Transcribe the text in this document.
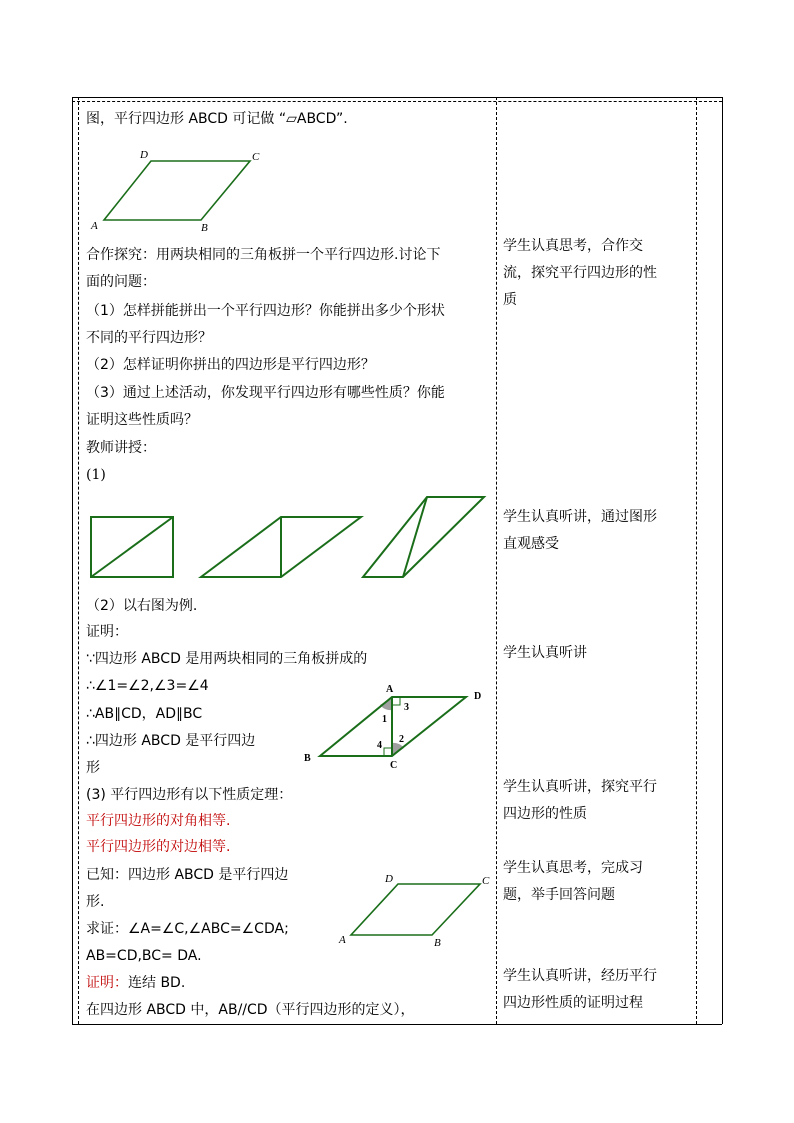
图，平行四边形 ABCD 可记做 “▱ABCD”.
D	C
A	B
合作探究：用两块相同的三角板拼一个平行四边形.讨论下
面的问题：
（1）怎样拼能拼出一个平行四边形？你能拼出多少个形状
不同的平行四边形？
（2）怎样证明你拼出的四边形是平行四边形？
（3）通过上述活动，你发现平行四边形有哪些性质？你能
证明这些性质吗？
教师讲授：
(1)
（2）以右图为例.
证明：
∵四边形 ABCD 是用两块相同的三角板拼成的
∴∠1=∠2,∠3=∠4
∴AB∥CD，AD∥BC
∴四边形 ABCD 是平行四边
形
A
D
B
C
1
3
2
4
(3) 平行四边形有以下性质定理：
平行四边形的对角相等.
平行四边形的对边相等.
已知：四边形 ABCD 是平行四边
形.
求证：∠A=∠C,∠ABC=∠CDA;
AB=CD,BC= DA.
证明：连结 BD.
在四边形 ABCD 中，AB//CD（平行四边形的定义），
D	C
A	B
学生认真思考，合作交
流，探究平行四边形的性
质
学生认真听讲，通过图形
直观感受
学生认真听讲
学生认真听讲，探究平行
四边形的性质
学生认真思考，完成习
题，举手回答问题
学生认真听讲，经历平行
四边形性质的证明过程
